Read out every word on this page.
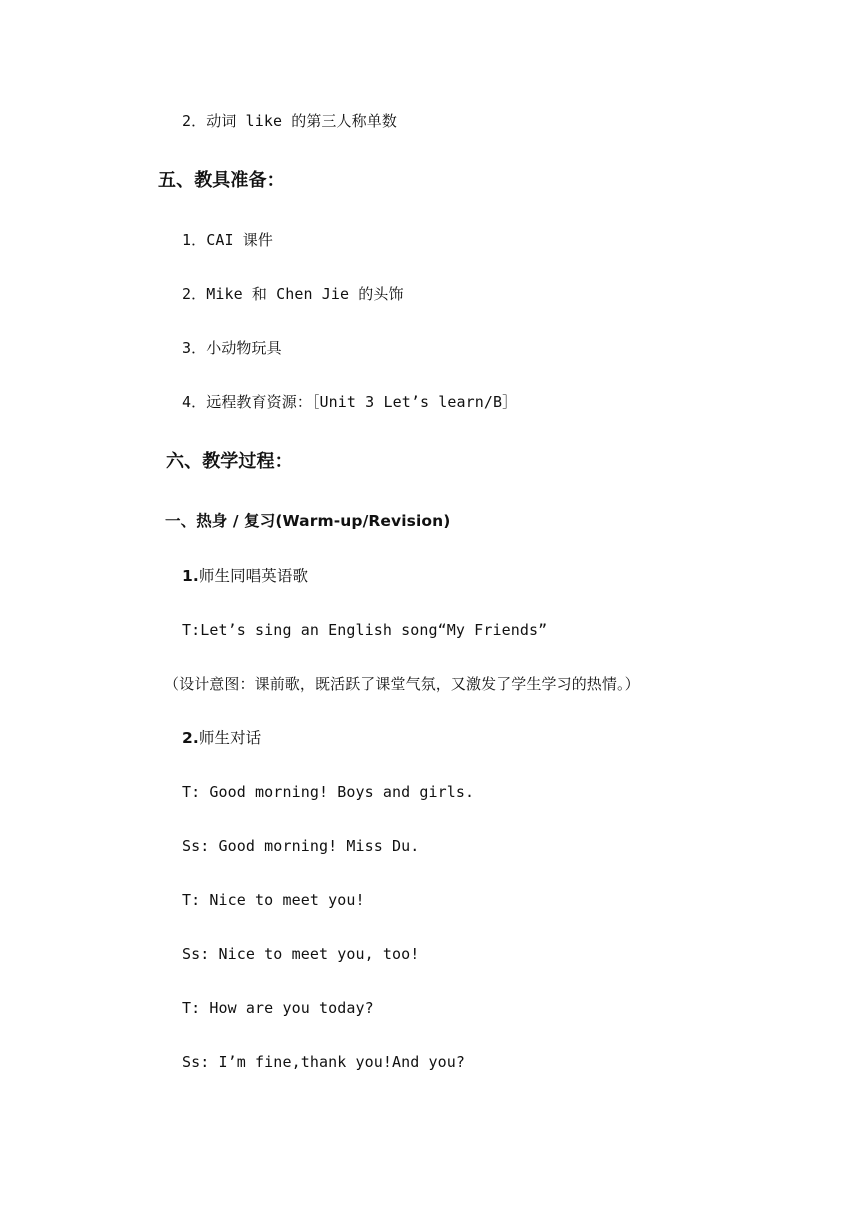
2．动词 like 的第三人称单数
五、教具准备：
1．CAI 课件
2．Mike 和 Chen Jie 的头饰
3．小动物玩具
4．远程教育资源：［Unit 3 Let’s learn/B］
六、教学过程：
一、热身 / 复习(Warm-up/Revision)
1.师生同唱英语歌
T:Let’s sing an English song“My Friends”
（设计意图：课前歌，既活跃了课堂气氛，又激发了学生学习的热情。）
2.师生对话
T: Good morning! Boys and girls.
Ss: Good morning! Miss Du.
T: Nice to meet you!
Ss: Nice to meet you, too!
T: How are you today?
Ss: I’m fine,thank you!And you?
